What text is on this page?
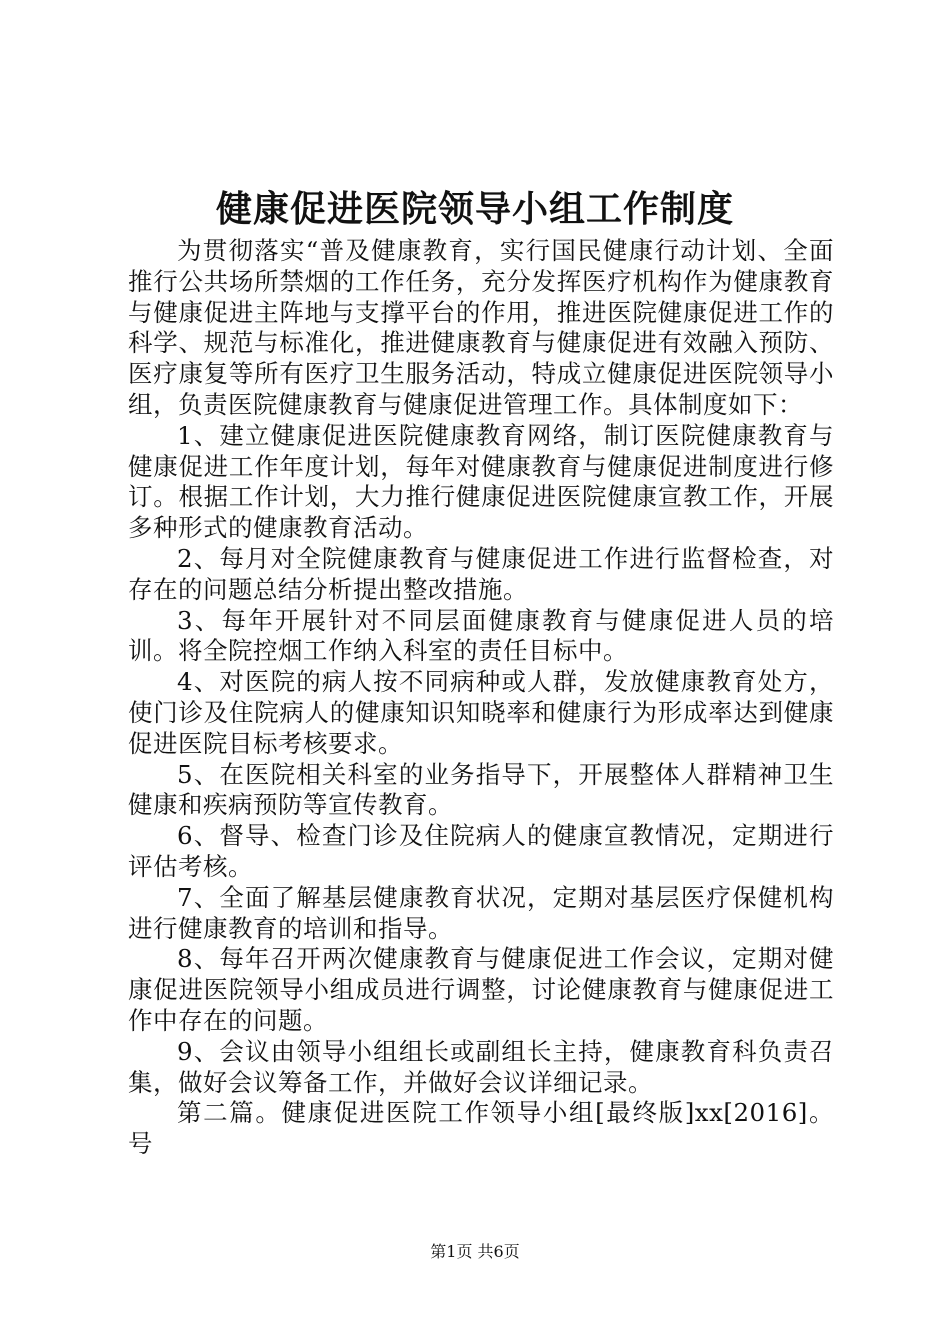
健康促进医院领导小组工作制度

为贯彻落实“普及健康教育，实行国民健康行动计划、全面推行公共场所禁烟的工作任务，充分发挥医疗机构作为健康教育与健康促进主阵地与支撑平台的作用，推进医院健康促进工作的科学、规范与标准化，推进健康教育与健康促进有效融入预防、医疗康复等所有医疗卫生服务活动，特成立健康促进医院领导小组，负责医院健康教育与健康促进管理工作。具体制度如下：

1、建立健康促进医院健康教育网络，制订医院健康教育与健康促进工作年度计划，每年对健康教育与健康促进制度进行修订。根据工作计划，大力推行健康促进医院健康宣教工作，开展多种形式的健康教育活动。

2、每月对全院健康教育与健康促进工作进行监督检查，对存在的问题总结分析提出整改措施。

3、每年开展针对不同层面健康教育与健康促进人员的培训。将全院控烟工作纳入科室的责任目标中。

4、对医院的病人按不同病种或人群，发放健康教育处方，使门诊及住院病人的健康知识知晓率和健康行为形成率达到健康促进医院目标考核要求。

5、在医院相关科室的业务指导下，开展整体人群精神卫生健康和疾病预防等宣传教育。

6、督导、检查门诊及住院病人的健康宣教情况，定期进行评估考核。

7、全面了解基层健康教育状况，定期对基层医疗保健机构进行健康教育的培训和指导。

8、每年召开两次健康教育与健康促进工作会议，定期对健康促进医院领导小组成员进行调整，讨论健康教育与健康促进工作中存在的问题。

9、会议由领导小组组长或副组长主持，健康教育科负责召集，做好会议筹备工作，并做好会议详细记录。

第二篇。健康促进医院工作领导小组[最终版]xx[2016]。号

第1页 共6页
